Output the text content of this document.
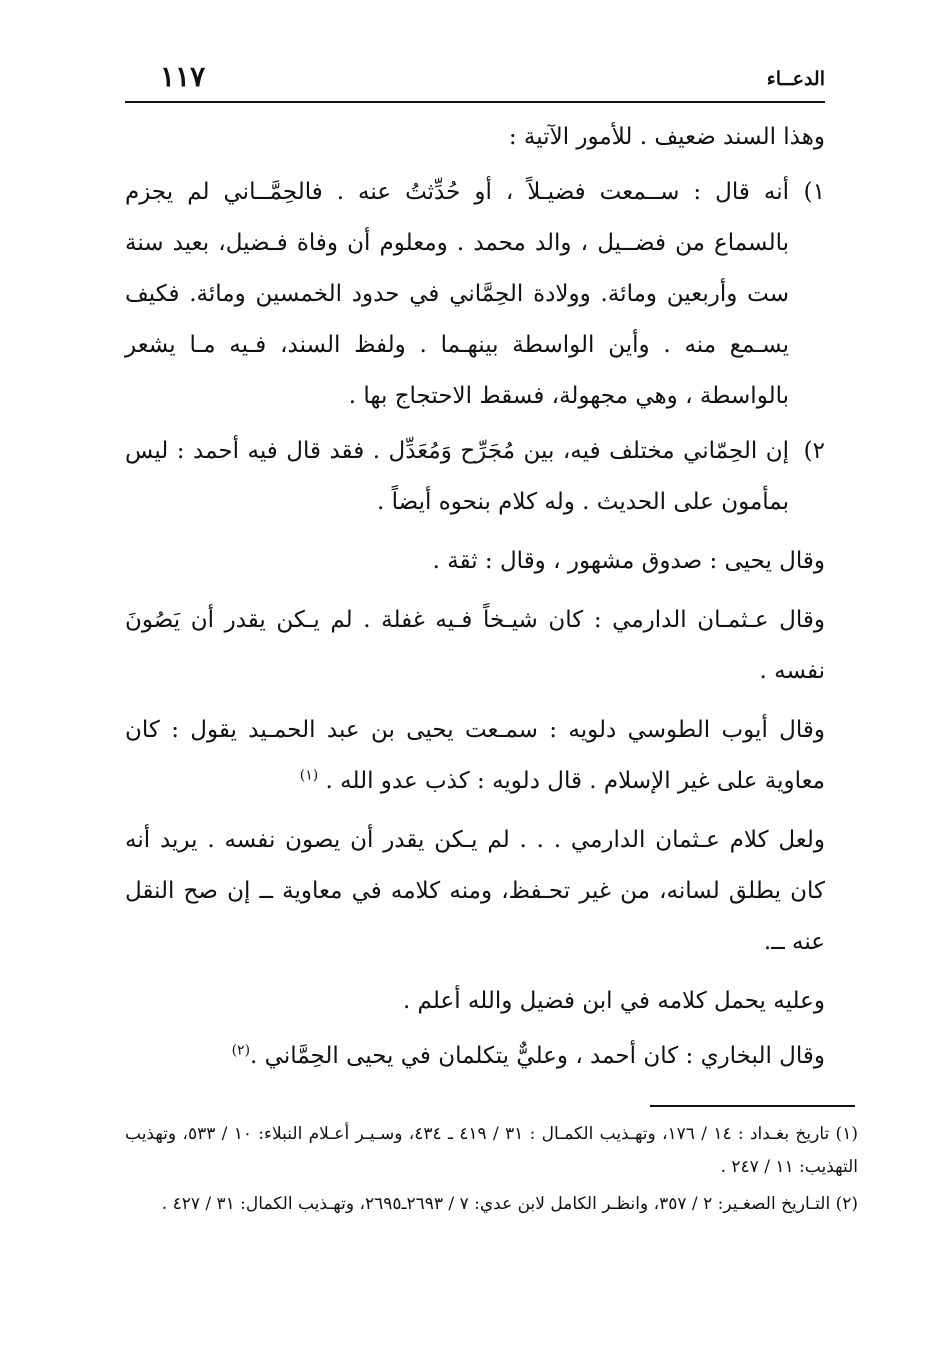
الدعــاء
١١٧

وهذا السند ضعيف . للأمور الآتية :

١)
أنه قال : ســمعت فضيـلاً ، أو حُدِّثتُ عنه . فالحِمَّــاني لم يجزم بالسماع من فضــيل ، والد محمد . ومعلوم أن وفاة فـضيل، بعيد سنة ست وأربعين ومائة. وولادة الحِمَّاني في حدود الخمسين ومائة. فكيف يسـمع منه . وأين الواسطة بينهـما . ولفظ السند، فـيه مـا يشعر بالواسطة ، وهي مجهولة، فسقط الاحتجاج بها .
٢)
إن الحِمّاني مختلف فيه، بين مُجَرِّح وَمُعَدِّل . فقد قال فيه أحمد : ليس بمأمون على الحديث . وله كلام بنحوه أيضاً .

وقال يحيى : صدوق مشهور ، وقال : ثقة .

وقال عـثمـان الدارمي : كان شيـخاً فـيه غفلة . لم يـكن يقدر أن يَصُونَ نفسه .

وقال أيوب الطوسي دلويه : سمـعت يحيى بن عبد الحمـيد يقول : كان معاوية على غير الإسلام . قال دلويه : كذب عدو الله . $^{(١)}$

ولعل كلام عـثمان الدارمي . . . لم يـكن يقدر أن يصون نفسه . يريد أنه كان يطلق لسانه، من غير تحـفظ، ومنه كلامه في معاوية ــ إن صح النقل عنه ــ.

وعليه يحمل كلامه في ابن فضيل والله أعلم .

وقال البخاري : كان أحمد ، وعليٌّ يتكلمان في يحيى الحِمَّاني .$^{(٢)}$

(١) تاريخ بغـداد : ١٤ / ١٧٦، وتهـذيب الكمـال : ٣١ / ٤١٩ ـ ٤٣٤، وسـيـر أعـلام النبلاء: ١٠ / ٥٣٣، وتهذيب التهذيب: ١١ / ٢٤٧ .

(٢) التـاريخ الصغـير: ٢ / ٣٥٧، وانظـر الكامل لابن عدي: ٧ / ٢٦٩٣ـ٢٦٩٥، وتهـذيب الكمال: ٣١ / ٤٢٧ .
